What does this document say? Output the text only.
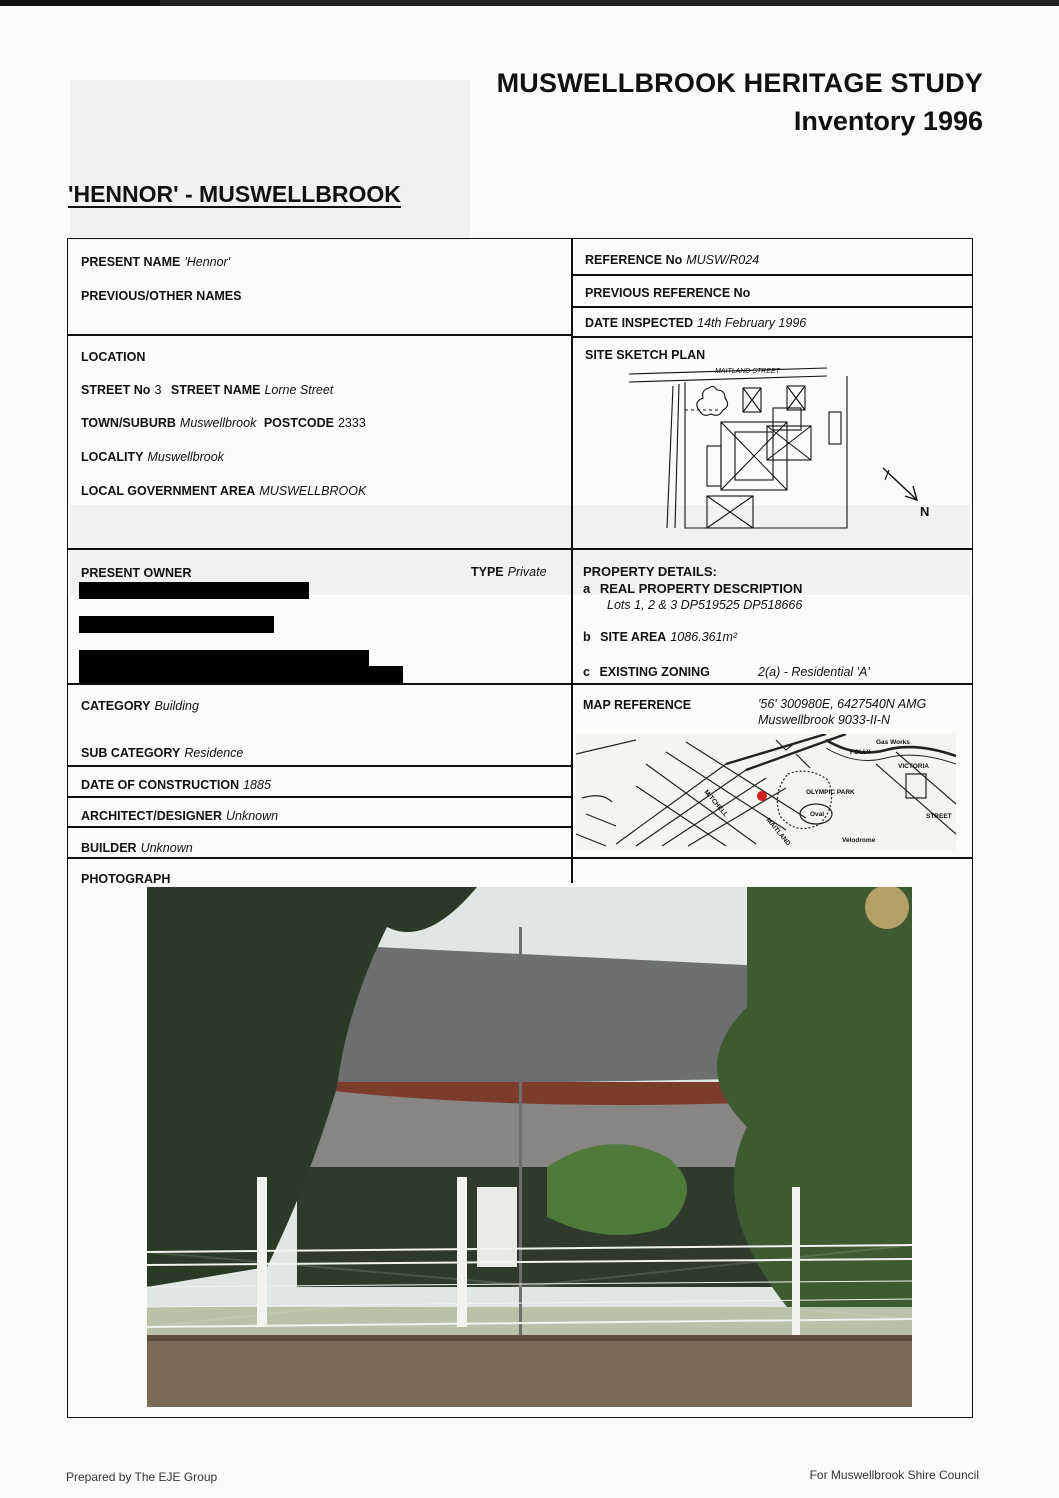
MUSWELLBROOK HERITAGE STUDY
Inventory 1996
'HENNOR' - MUSWELLBROOK
PRESENT NAME 'Hennor'
PREVIOUS/OTHER NAMES
LOCATION
STREET No 3 STREET NAME Lorne Street
TOWN/SUBURB Muswellbrook POSTCODE 2333
LOCALITY Muswellbrook
LOCAL GOVERNMENT AREA MUSWELLBROOK
PRESENT OWNER	TYPE Private
CATEGORY Building
SUB CATEGORY Residence
DATE OF CONSTRUCTION 1885
ARCHITECT/DESIGNER Unknown
BUILDER Unknown
PHOTOGRAPH
REFERENCE No MUSW/R024
PREVIOUS REFERENCE No
DATE INSPECTED 14th February 1996
SITE SKETCH PLAN
MAITLAND STREET
N
PROPERTY DETAILS:
a REAL PROPERTY DESCRIPTION
Lots 1, 2 & 3 DP519525 DP518666
b SITE AREA 1086.361m²
c EXISTING ZONING	2(a) - Residential 'A'
MAP REFERENCE	'56' 300980E, 6427540N AMG
Muswellbrook 9033-II-N
Gas Works
FOLLY
VICTORIA
OLYMPIC PARK
Oval
Velodrome
STREET
MAITLAND
MITCHELL
Prepared by The EJE Group	For Muswellbrook Shire Council
